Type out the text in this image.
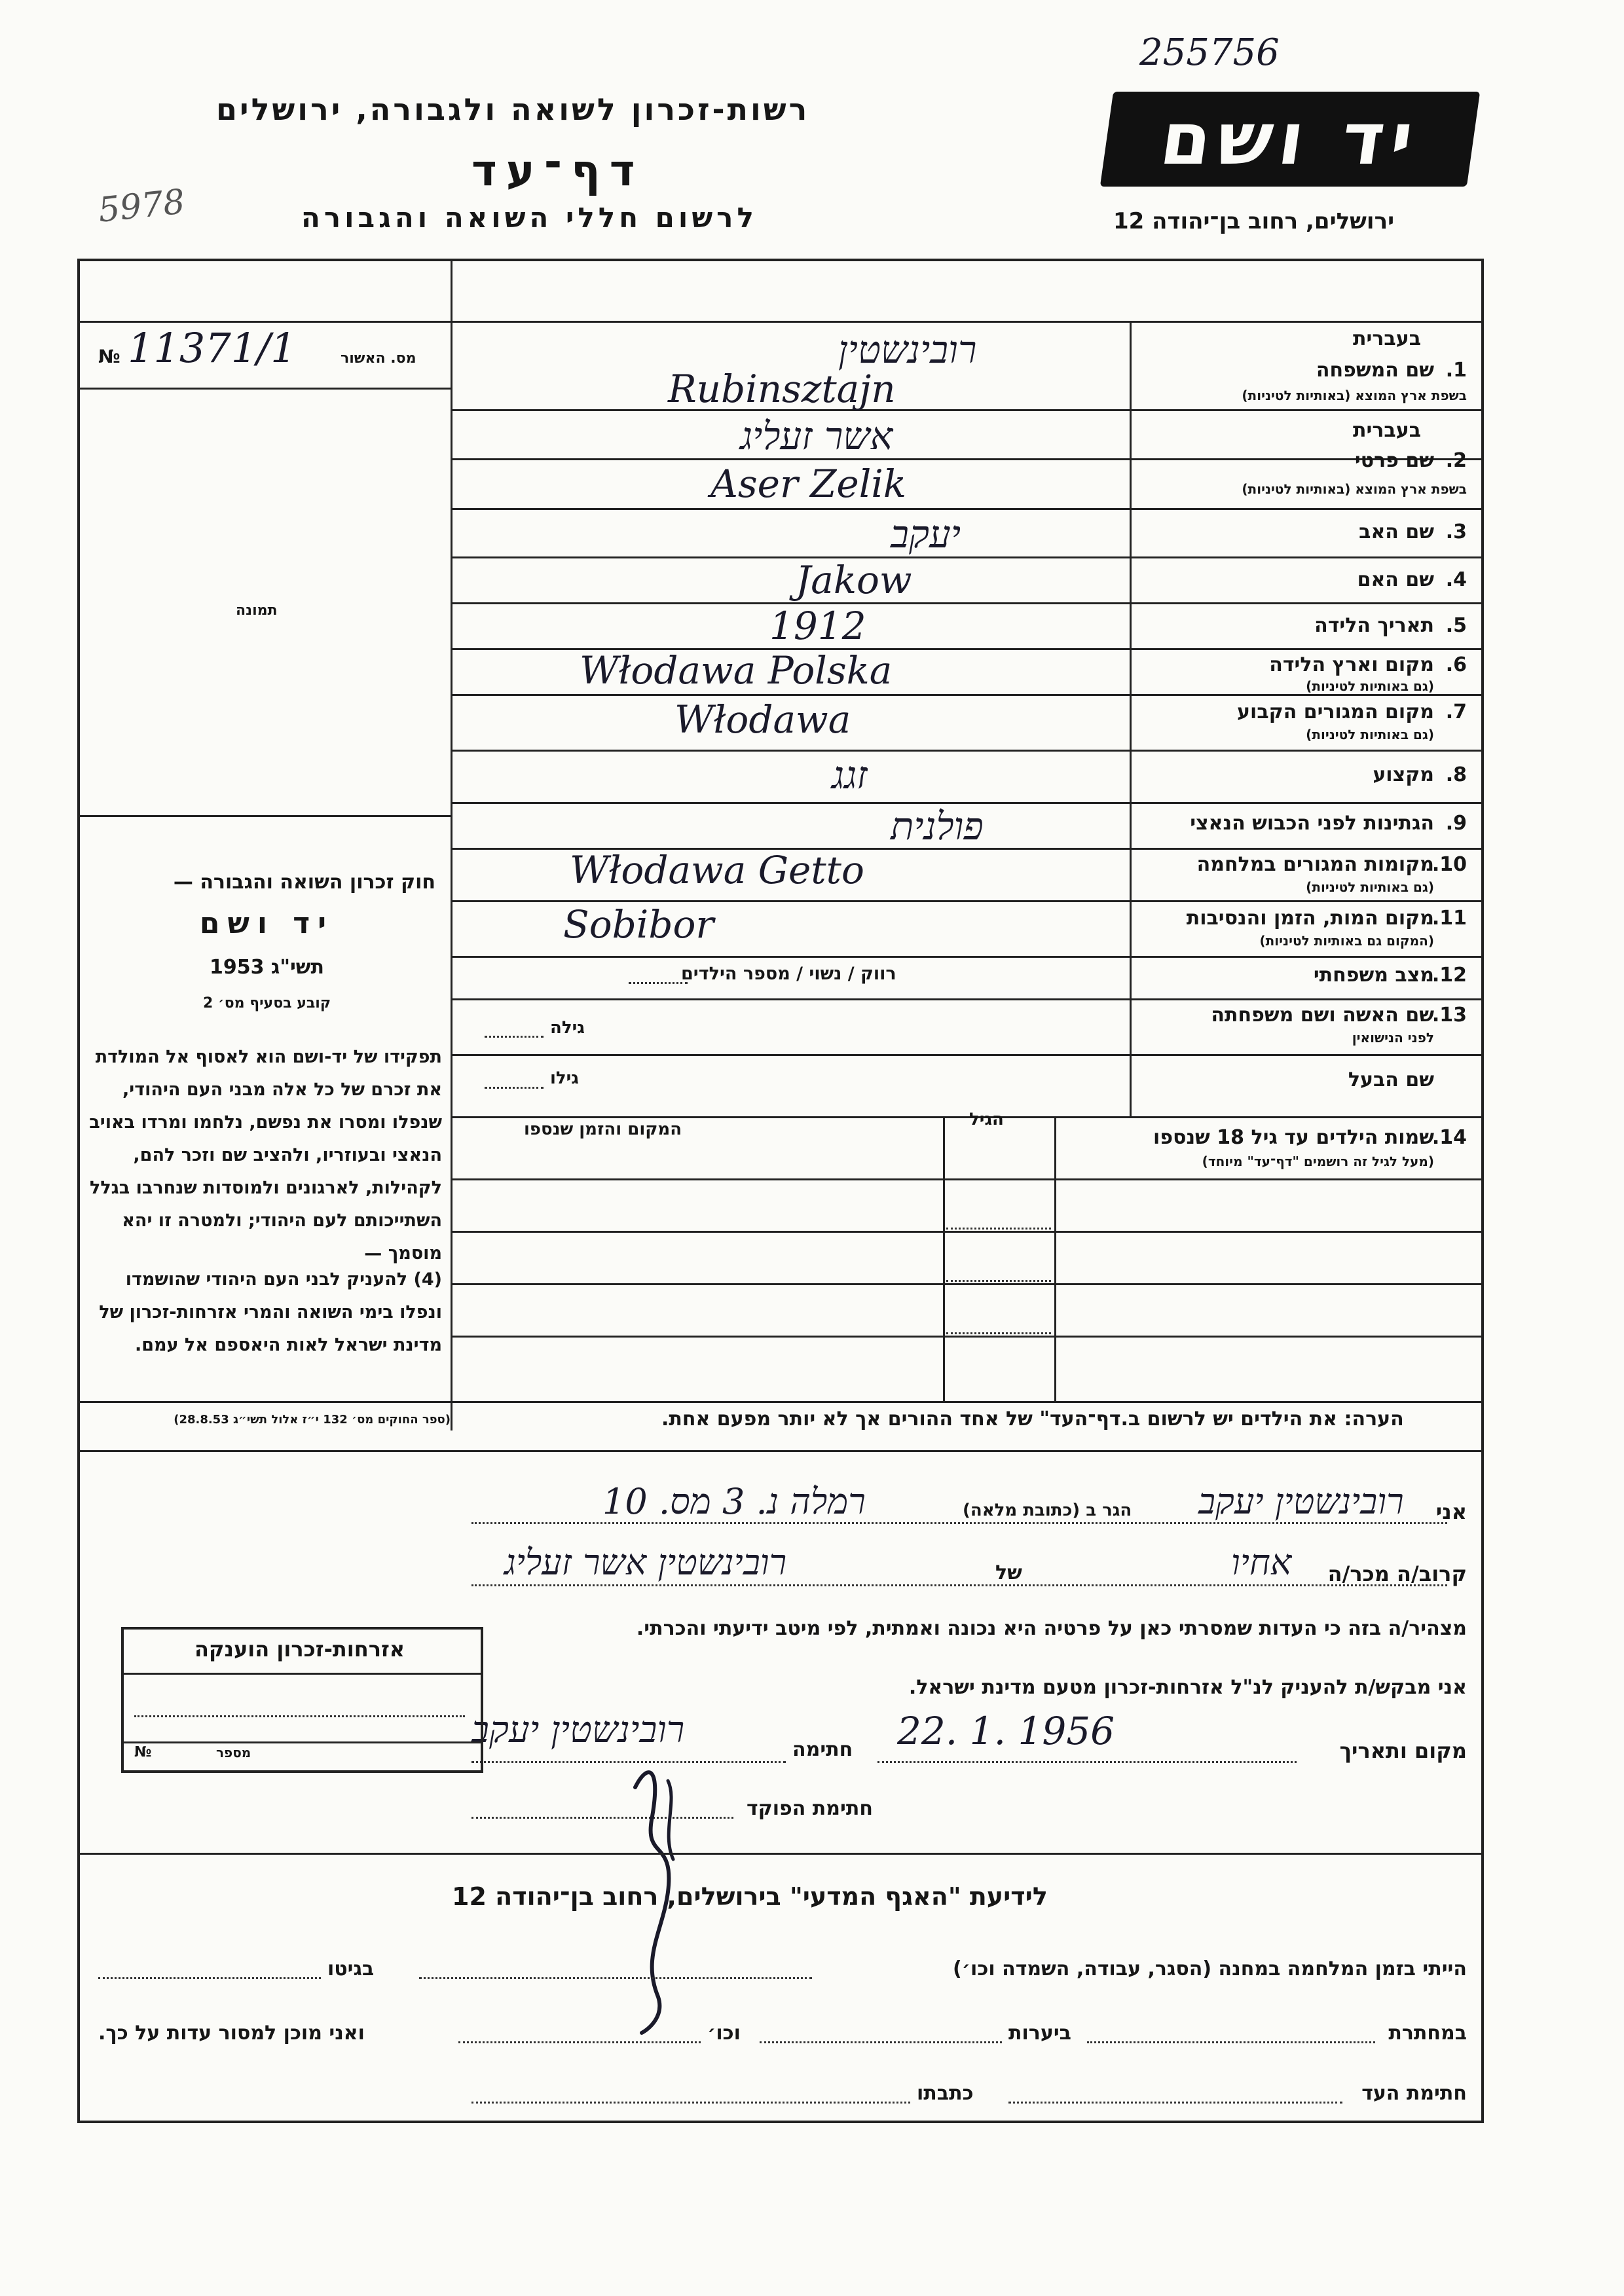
255756
רשות-זכרון לשואה ולגבורה, ירושלים
דף־עד
לרשום חללי השואה והגבורה
5978
יד ושם
ירושלים, רחוב בן־יהודה 12
מס. האשור
№ 11371/1
תמונה
חוק זכרון השואה והגבורה —
יד ושם
תשי"ג 1953
קובע בסעיף מס׳ 2
תפקידו של יד-ושם הוא לאסוף אל המולדת את זכרם של כל אלה מבני העם היהודי, שנפלו ומסרו את נפשם, נלחמו ומרדו באויב הנאצי ובעוזריו, ולהציב שם וזכר להם, לקהילות, לארגונים ולמוסדות שנחרבו בגלל השתייכותם לעם היהודי; ולמטרה זו יהא מוסמך —
(4) להעניק לבני העם היהודי שהושמדו ונפלו בימי השואה והמרי אזרחות-זכרון של מדינת ישראל לאות היאספם אל עמם.
בעברית
1.
שם המשפחה
בשפת ארץ המוצא (באותיות לטיניות)
רובינשטין
Rubinsztajn
בעברית
2.
שם פרטי
בשפת ארץ המוצא (באותיות לטיניות)
אשר זעליג
Aser Zelik
3.
שם האב
יעקב
4.
שם האם
Jakow
5.
תאריך הלידה
1912
6.
מקום וארץ הלידה
(גם באותיות לטיניות)
Włodawa Polska
7.
מקום המגורים הקבוע
(גם באותיות לטיניות)
Włodawa
8.
מקצוע
זגג
9.
הגתינות לפני הכבוש הנאצי
פולנית
10.
מקומות המגורים במלחמה
(גם באותיות לטיניות)
Włodawa Getto
11.
מקום המות, הזמן והנסיבות
(המקום גם באותיות לטיניות)
Sobibor
12.
מצב משפחתי
רווק / נשוי / מספר הילדים
13.
שם האשה ושם משפחתה
לפני הנישואין
גילה
שם הבעל
גילו
14.
שמות הילדים עד גיל 18 שנספו
(מעל לגיל זה רושמים "דף־עד" מיוחד)
הגיל
המקום והזמן שנספו
(ספר החוקים מס׳ 132 י״ז אלול תשי״ג 28.8.53)	הערה: את הילדים יש לרשום ב.דף־העד" של אחד ההורים אך לא יותר מפעם אחת.
אני
רובינשטין יעקב
הגר ב (כתובת מלאה)
רמלה נ. 3 מס. 10
קרוב/ה מכר/ה
אחיו
של
רובינשטין אשר זעליג
מצהיר/ה בזה כי העדות שמסרתי כאן על פרטיה היא נכונה ואמתית, לפי מיטב ידיעתי והכרתי.
אני מבקש/ת להעניק לנ"ל אזרחות-זכרון מטעם מדינת ישראל.
מקום ותאריך
22. 1. 1956
חתימה
רובינשטין יעקב
חתימת הפוקד
אזרחות-זכרון הוענקה
מספר
№
לידיעת "האגף המדעי" בירושלים, רחוב בן־יהודה 12
הייתי בזמן המלחמה במחנה (הסגר, עבודה, השמדה וכו׳)
בגיטו
במחתרת
ביערות
וכו׳
ואני מוכן למסור עדות על כך.
חתימת העד
כתבתו
